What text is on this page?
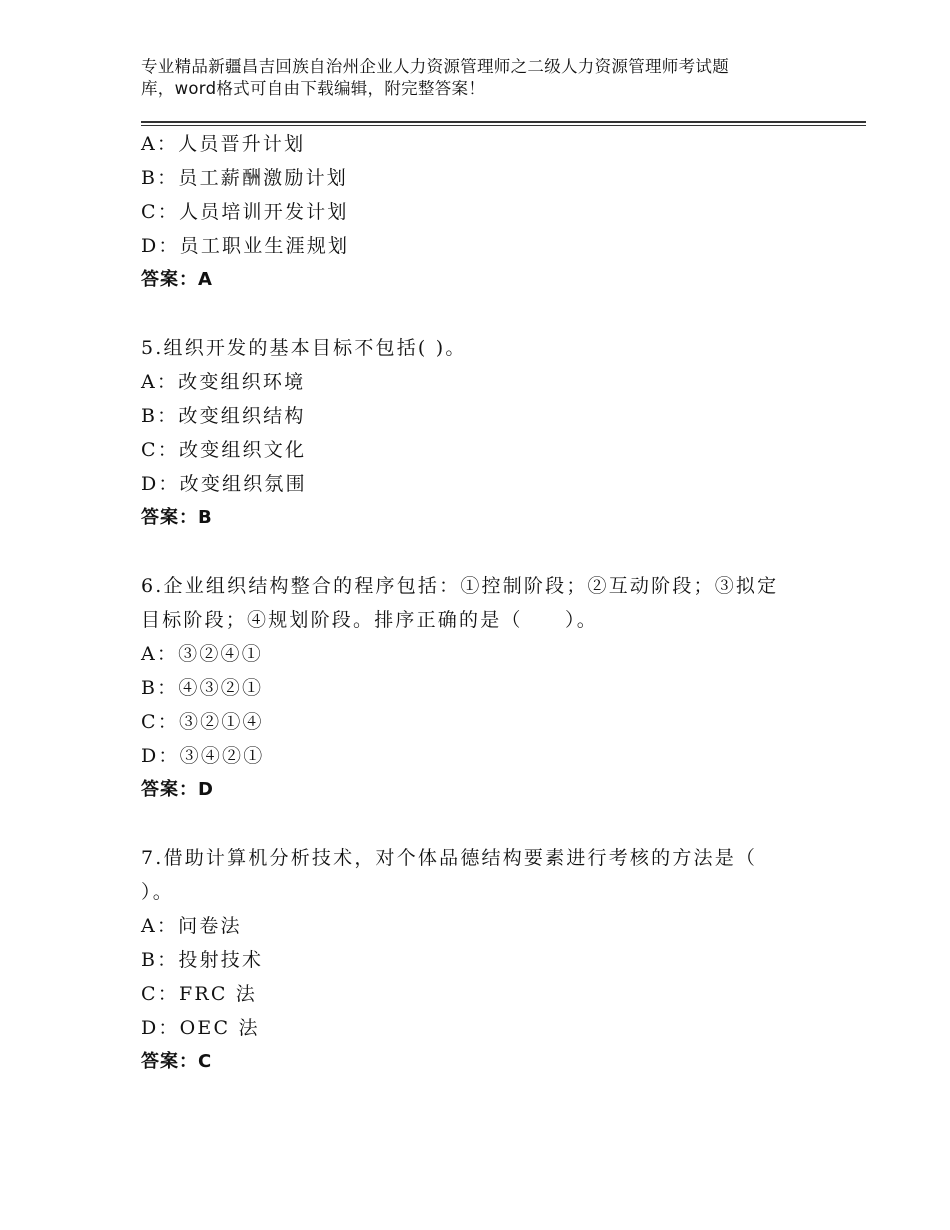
专业精品新疆昌吉回族自治州企业人力资源管理师之二级人力资源管理师考试题
库，word格式可自由下载编辑，附完整答案！
A：人员晋升计划
B：员工薪酬激励计划
C：人员培训开发计划
D：员工职业生涯规划
答案：A
5.组织开发的基本目标不包括( )。
A：改变组织环境
B：改变组织结构
C：改变组织文化
D：改变组织氛围
答案：B
6.企业组织结构整合的程序包括：①控制阶段；②互动阶段；③拟定
目标阶段；④规划阶段。排序正确的是（　　）。
A：③②④①
B：④③②①
C：③②①④
D：③④②①
答案：D
7.借助计算机分析技术，对个体品德结构要素进行考核的方法是（
）。
A：问卷法
B：投射技术
C：FRC 法
D：OEC 法
答案：C
